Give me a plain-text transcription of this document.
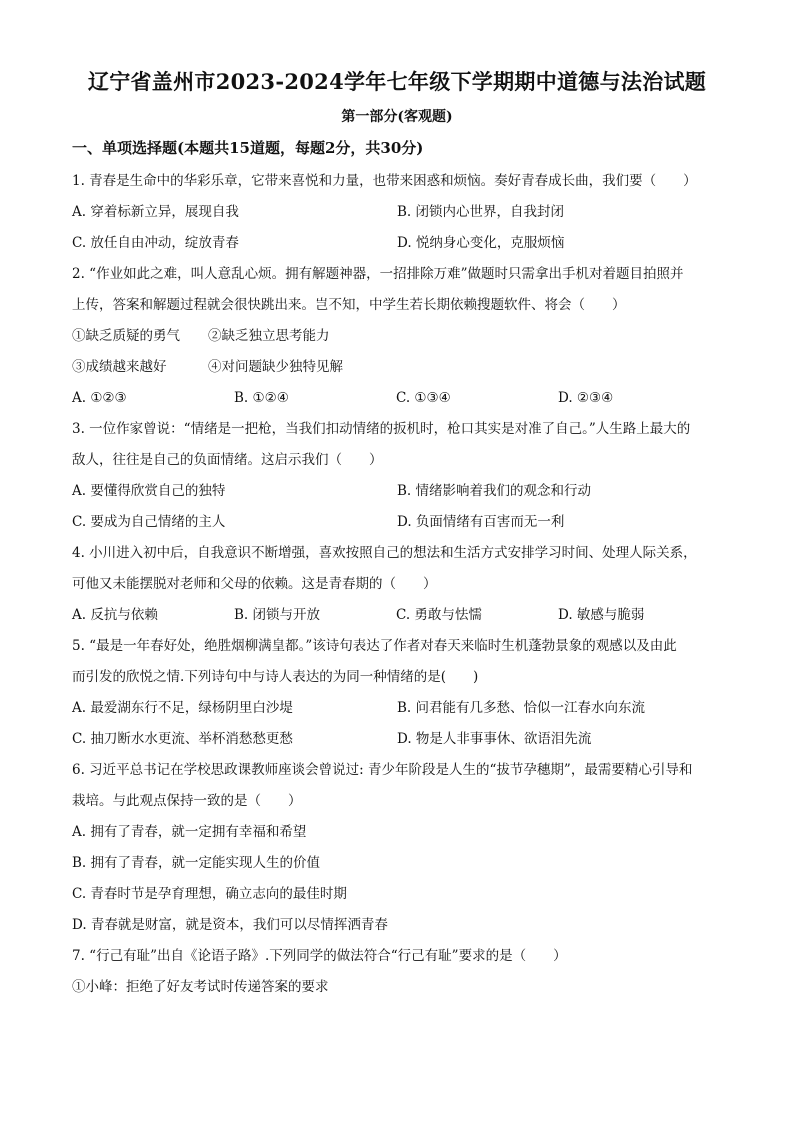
辽宁省盖州市2023-2024学年七年级下学期期中道德与法治试题
第一部分(客观题)
一、单项选择题(本题共15道题，每题2分，共30分)
1. 青春是生命中的华彩乐章，它带来喜悦和力量，也带来困惑和烦恼。奏好青春成长曲，我们要（　　）
A. 穿着标新立异，展现自我	B. 闭锁内心世界，自我封闭
C. 放任自由冲动，绽放青春	D. 悦纳身心变化，克服烦恼
2. “作业如此之难，叫人意乱心烦。拥有解题神器，一招排除万难”做题时只需拿出手机对着题目拍照并
上传，答案和解题过程就会很快跳出来。岂不知，中学生若长期依赖搜题软件、将会（　　）
①缺乏质疑的勇气	②缺乏独立思考能力
③成绩越来越好	④对问题缺少独特见解
A. ①②③	B. ①②④	C. ①③④	D. ②③④
3. 一位作家曾说：“情绪是一把枪，当我们扣动情绪的扳机时，枪口其实是对准了自己。”人生路上最大的
敌人，往往是自己的负面情绪。这启示我们（　　）
A. 要懂得欣赏自己的独特	B. 情绪影响着我们的观念和行动
C. 要成为自己情绪的主人	D. 负面情绪有百害而无一利
4. 小川进入初中后，自我意识不断增强，喜欢按照自己的想法和生活方式安排学习时间、处理人际关系，
可他又未能摆脱对老师和父母的依赖。这是青春期的（　　）
A. 反抗与依赖	B. 闭锁与开放	C. 勇敢与怯懦	D. 敏感与脆弱
5. “最是一年春好处，绝胜烟柳满皇都。”该诗句表达了作者对春天来临时生机蓬勃景象的观感以及由此
而引发的欣悦之情.下列诗句中与诗人表达的为同一种情绪的是(　　)
A. 最爱湖东行不足，绿杨阴里白沙堤	B. 问君能有几多愁、恰似一江春水向东流
C. 抽刀断水水更流、举杯消愁愁更愁	D. 物是人非事事休、欲语泪先流
6. 习近平总书记在学校思政课教师座谈会曾说过: 青少年阶段是人生的“拔节孕穗期”，最需要精心引导和
栽培。与此观点保持一致的是（　　）
A. 拥有了青春，就一定拥有幸福和希望
B. 拥有了青春，就一定能实现人生的价值
C. 青春时节是孕育理想，确立志向的最佳时期
D. 青春就是财富，就是资本，我们可以尽情挥洒青春
7. “行己有耻”出自《论语子路》.下列同学的做法符合“行己有耻”要求的是（　　）
①小峰：拒绝了好友考试时传递答案的要求
